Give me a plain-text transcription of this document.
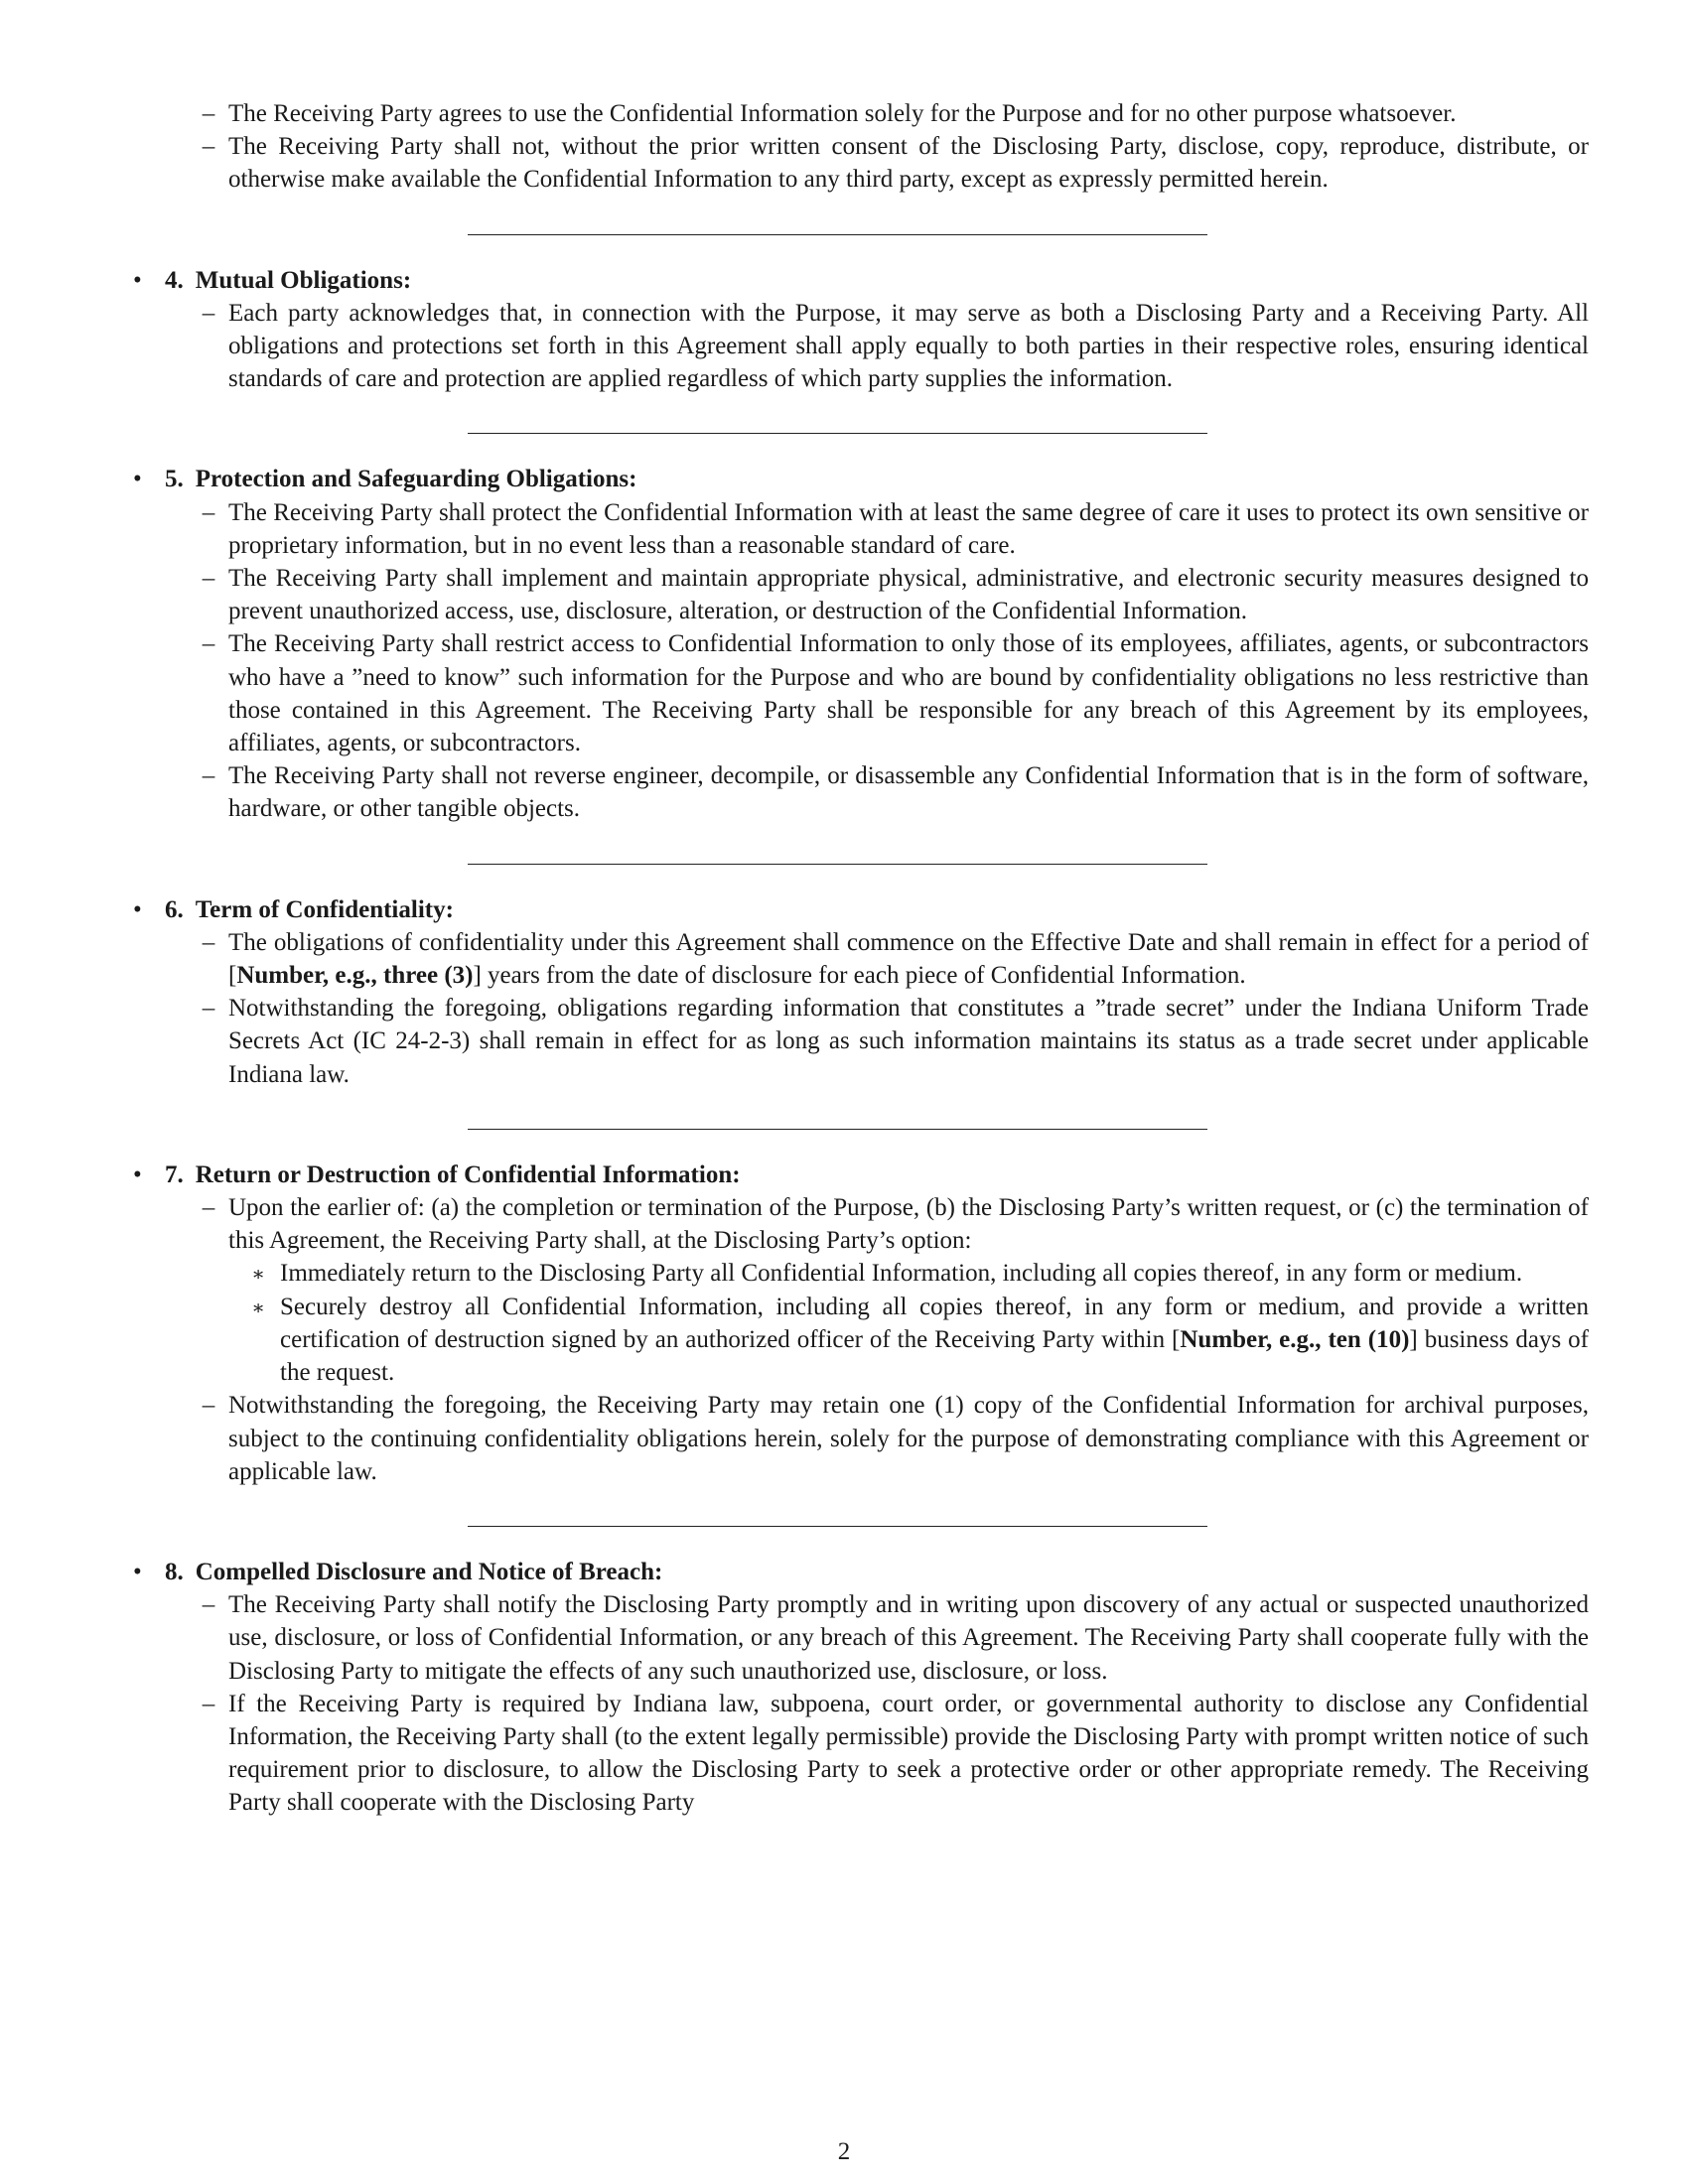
– The Receiving Party agrees to use the Confidential Information solely for the Purpose and for no other purpose whatsoever.
– The Receiving Party shall not, without the prior written consent of the Disclosing Party, disclose, copy, reproduce, distribute, or otherwise make available the Confidential Information to any third party, except as expressly permitted herein.
• 4. Mutual Obligations:
– Each party acknowledges that, in connection with the Purpose, it may serve as both a Disclosing Party and a Receiving Party. All obligations and protections set forth in this Agreement shall apply equally to both parties in their respective roles, ensuring identical standards of care and protection are applied regardless of which party supplies the information.
• 5. Protection and Safeguarding Obligations:
– The Receiving Party shall protect the Confidential Information with at least the same degree of care it uses to protect its own sensitive or proprietary information, but in no event less than a reasonable standard of care.
– The Receiving Party shall implement and maintain appropriate physical, administrative, and electronic security measures designed to prevent unauthorized access, use, disclosure, alteration, or destruction of the Confidential Information.
– The Receiving Party shall restrict access to Confidential Information to only those of its employees, affiliates, agents, or subcontractors who have a ”need to know” such information for the Purpose and who are bound by confidentiality obligations no less restrictive than those contained in this Agreement. The Receiving Party shall be responsible for any breach of this Agreement by its employees, affiliates, agents, or subcontractors.
– The Receiving Party shall not reverse engineer, decompile, or disassemble any Confidential Information that is in the form of software, hardware, or other tangible objects.
• 6. Term of Confidentiality:
– The obligations of confidentiality under this Agreement shall commence on the Effective Date and shall remain in effect for a period of [Number, e.g., three (3)] years from the date of disclosure for each piece of Confidential Information.
– Notwithstanding the foregoing, obligations regarding information that constitutes a ”trade secret” under the Indiana Uniform Trade Secrets Act (IC 24-2-3) shall remain in effect for as long as such information maintains its status as a trade secret under applicable Indiana law.
• 7. Return or Destruction of Confidential Information:
– Upon the earlier of: (a) the completion or termination of the Purpose, (b) the Disclosing Party’s written request, or (c) the termination of this Agreement, the Receiving Party shall, at the Disclosing Party’s option:
∗ Immediately return to the Disclosing Party all Confidential Information, including all copies thereof, in any form or medium.
∗ Securely destroy all Confidential Information, including all copies thereof, in any form or medium, and provide a written certification of destruction signed by an authorized officer of the Receiving Party within [Number, e.g., ten (10)] business days of the request.
– Notwithstanding the foregoing, the Receiving Party may retain one (1) copy of the Confidential Information for archival purposes, subject to the continuing confidentiality obligations herein, solely for the purpose of demonstrating compliance with this Agreement or applicable law.
• 8. Compelled Disclosure and Notice of Breach:
– The Receiving Party shall notify the Disclosing Party promptly and in writing upon discovery of any actual or suspected unauthorized use, disclosure, or loss of Confidential Information, or any breach of this Agreement. The Receiving Party shall cooperate fully with the Disclosing Party to mitigate the effects of any such unauthorized use, disclosure, or loss.
– If the Receiving Party is required by Indiana law, subpoena, court order, or governmental authority to disclose any Confidential Information, the Receiving Party shall (to the extent legally permissible) provide the Disclosing Party with prompt written notice of such requirement prior to disclosure, to allow the Disclosing Party to seek a protective order or other appropriate remedy. The Receiving Party shall cooperate with the Disclosing Party
2
